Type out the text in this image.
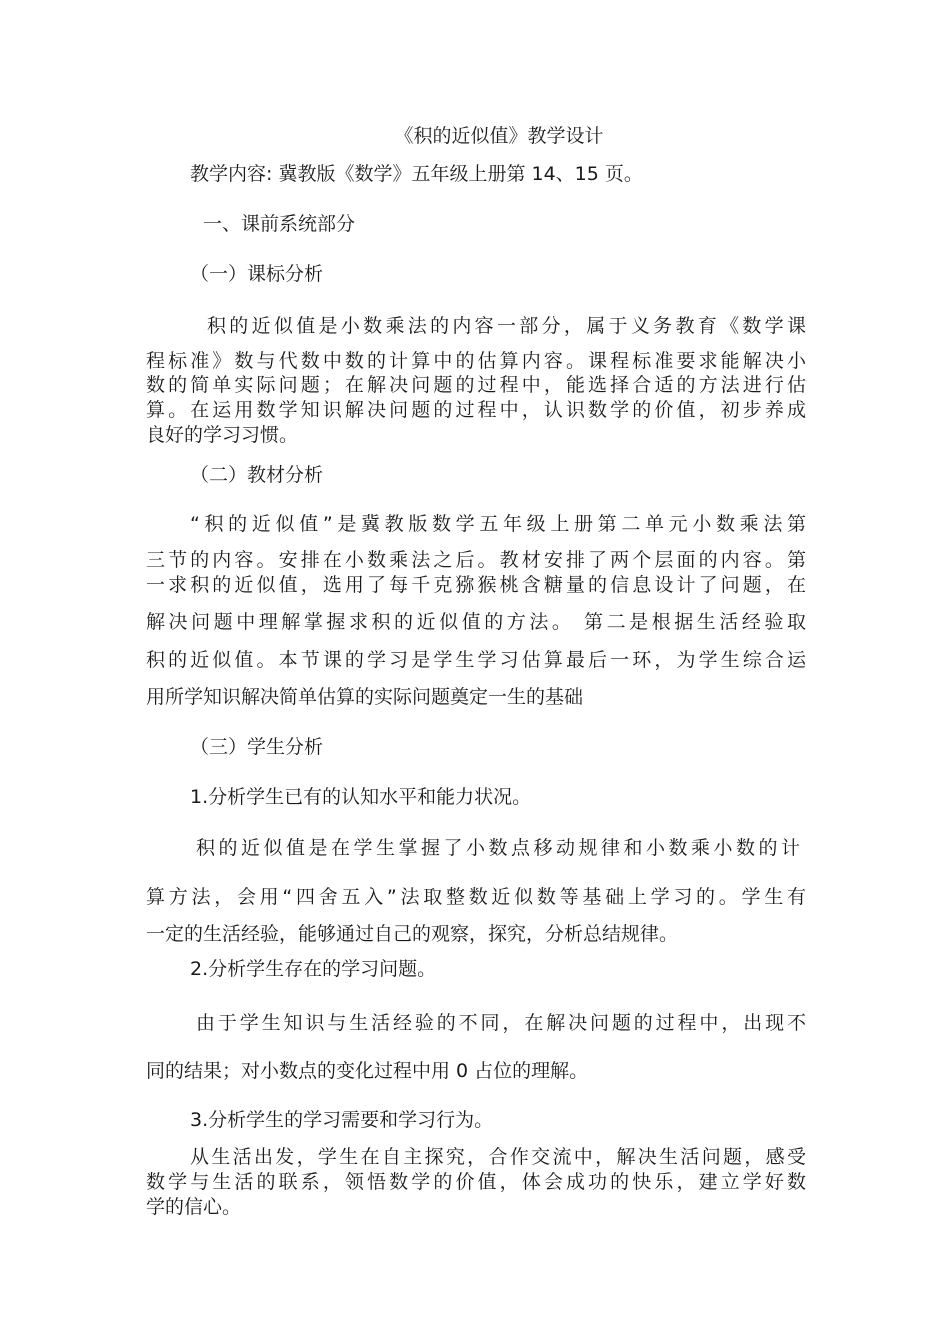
《积的近似值》教学设计
教学内容: 冀教版《数学》五年级上册第 14、15 页。
一、课前系统部分
（一）课标分析
积的近似值是小数乘法的内容一部分，属于义务教育《数学课
程标准》数与代数中数的计算中的估算内容。课程标准要求能解决小
数的简单实际问题；在解决问题的过程中，能选择合适的方法进行估
算。在运用数学知识解决问题的过程中，认识数学的价值，初步养成
良好的学习习惯。
（二）教材分析
“积的近似值”是冀教版数学五年级上册第二单元小数乘法第
三节的内容。安排在小数乘法之后。教材安排了两个层面的内容。第
一求积的近似值，选用了每千克猕猴桃含糖量的信息设计了问题，在
解决问题中理解掌握求积的近似值的方法。 第二是根据生活经验取
积的近似值。本节课的学习是学生学习估算最后一环，为学生综合运
用所学知识解决简单估算的实际问题奠定一生的基础
（三）学生分析
1.分析学生已有的认知水平和能力状况。
积的近似值是在学生掌握了小数点移动规律和小数乘小数的计
算方法，会用“四舍五入”法取整数近似数等基础上学习的。学生有
一定的生活经验，能够通过自己的观察，探究，分析总结规律。
2.分析学生存在的学习问题。
由于学生知识与生活经验的不同，在解决问题的过程中，出现不
同的结果；对小数点的变化过程中用 0 占位的理解。
3.分析学生的学习需要和学习行为。
从生活出发，学生在自主探究，合作交流中，解决生活问题，感受
数学与生活的联系，领悟数学的价值，体会成功的快乐，建立学好数
学的信心。
